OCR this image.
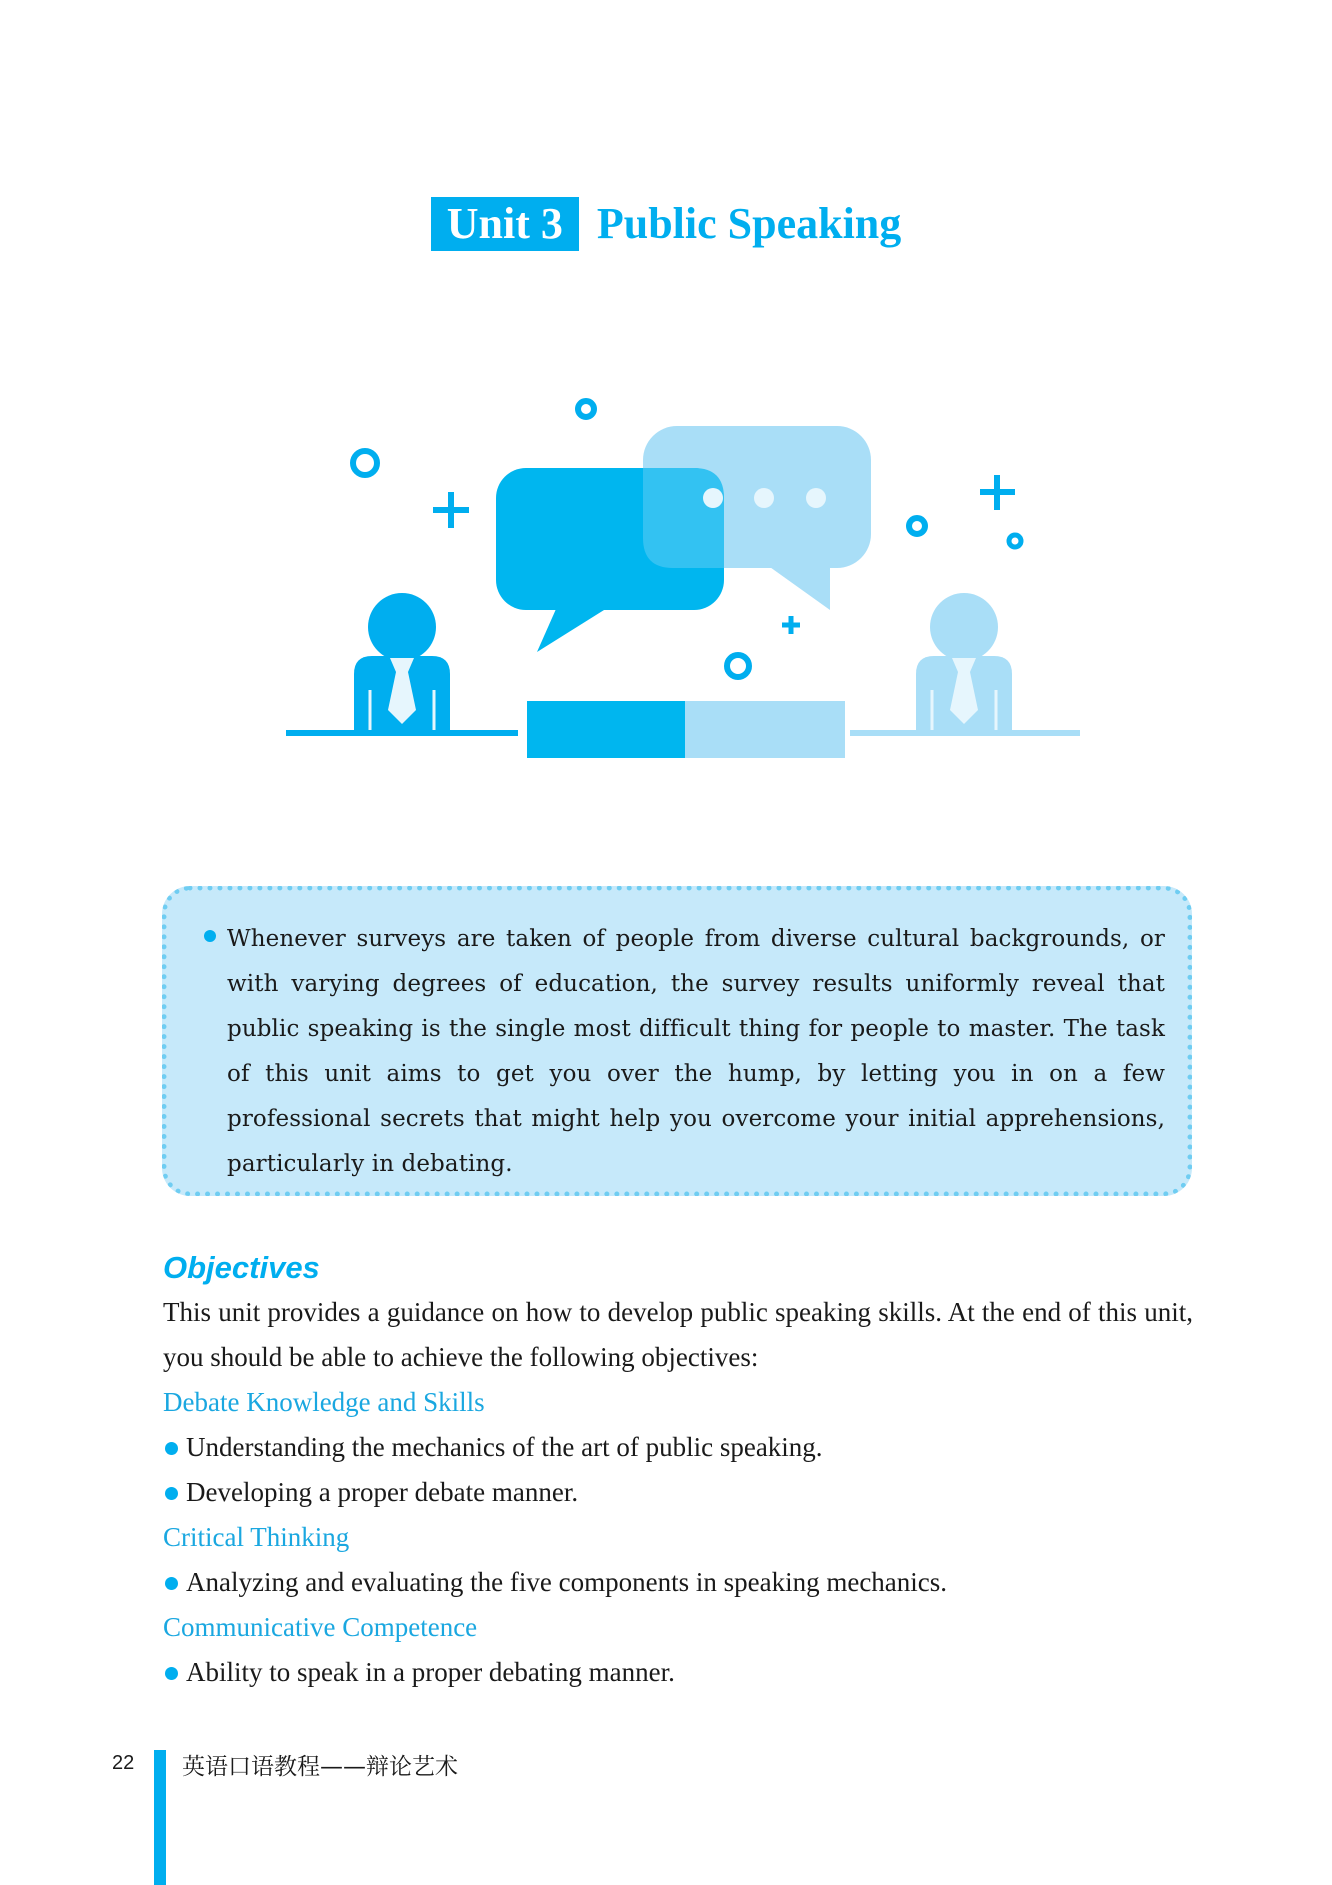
Unit 3 Public Speaking
Whenever surveys are taken of people from diverse cultural backgrounds, or with varying degrees of education, the survey results uniformly reveal that public speaking is the single most difficult thing for people to master. The task of this unit aims to get you over the hump, by letting you in on a few professional secrets that might help you overcome your initial apprehensions, particularly in debating.
Objectives

This unit provides a guidance on how to develop public speaking skills. At the end of this unit, you should be able to achieve the following objectives:

Debate Knowledge and Skills

Understanding the mechanics of the art of public speaking.

Developing a proper debate manner.

Critical Thinking

Analyzing and evaluating the five components in speaking mechanics.

Communicative Competence

Ability to speak in a proper debating manner.

22 英语口语教程——辩论艺术
